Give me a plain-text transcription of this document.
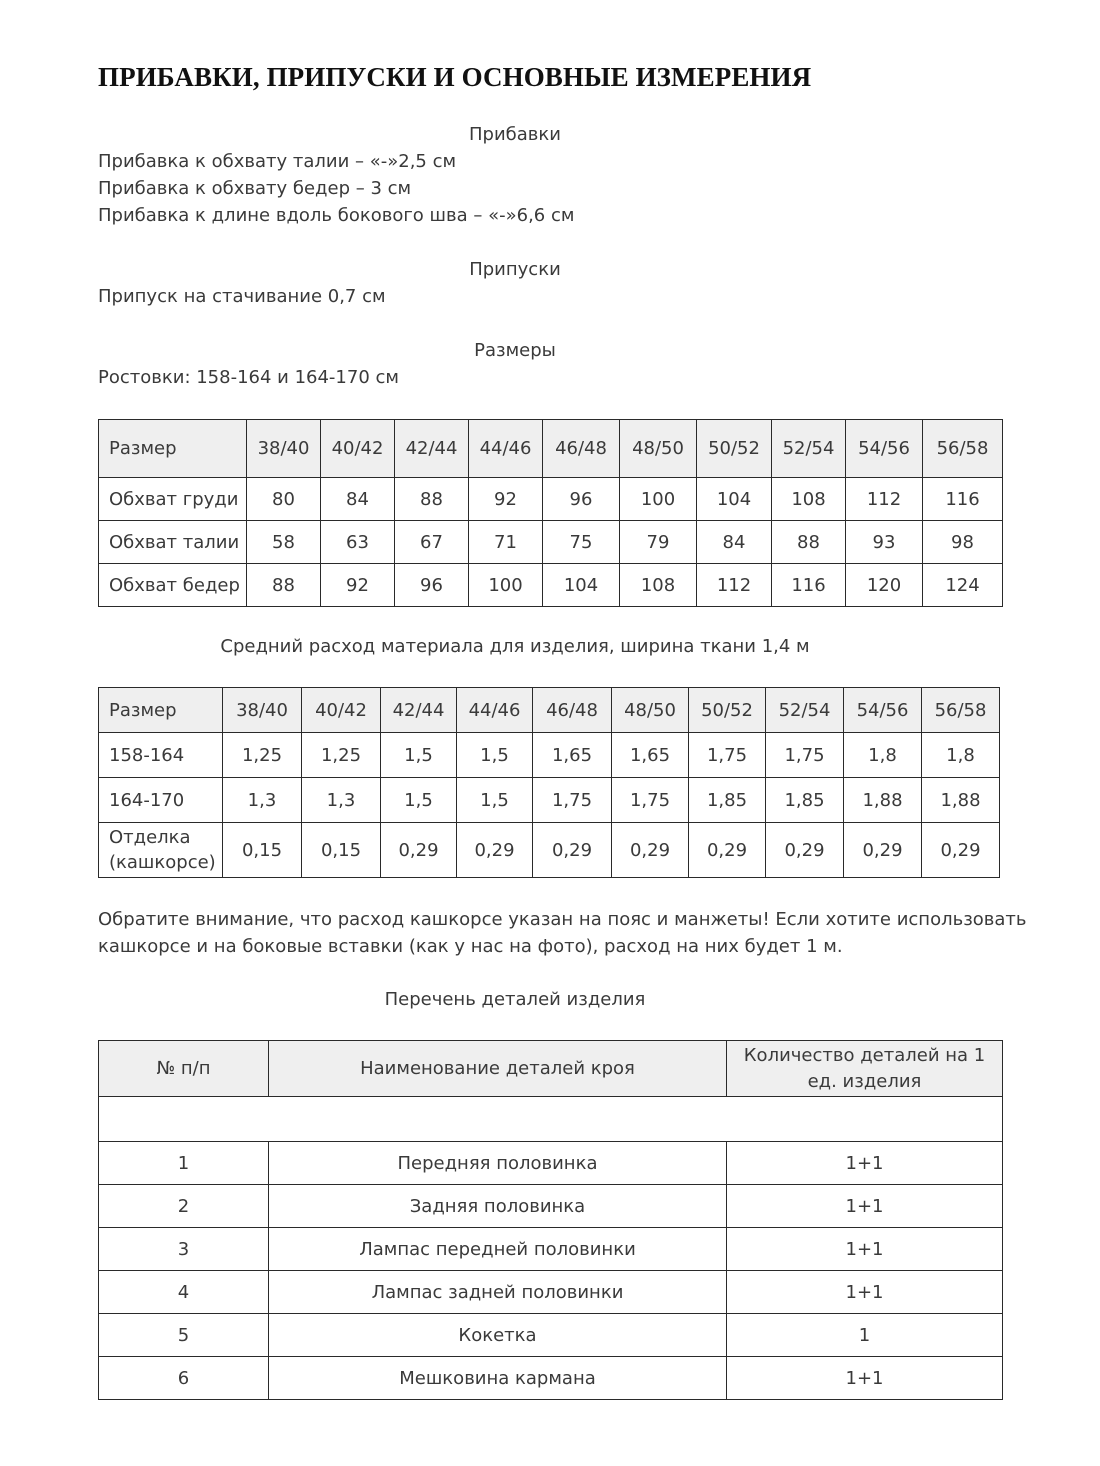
ПРИБАВКИ, ПРИПУСКИ И ОСНОВНЫЕ ИЗМЕРЕНИЯ
Прибавки
Прибавка к обхвату талии – «-»2,5 см
Прибавка к обхвату бедер – 3 см
Прибавка к длине вдоль бокового шва – «-»6,6 см
Припуски
Припуск на стачивание 0,7 см
Размеры
Ростовки: 158-164 и 164-170 см
Размер	38/40	40/42	42/44	44/46	46/48	48/50	50/52	52/54	54/56	56/58
Обхват груди	80	84	88	92	96	100	104	108	112	116
Обхват талии	58	63	67	71	75	79	84	88	93	98
Обхват бедер	88	92	96	100	104	108	112	116	120	124
Средний расход материала для изделия, ширина ткани 1,4 м
Размер	38/40	40/42	42/44	44/46	46/48	48/50	50/52	52/54	54/56	56/58
158-164	1,25	1,25	1,5	1,5	1,65	1,65	1,75	1,75	1,8	1,8
164-170	1,3	1,3	1,5	1,5	1,75	1,75	1,85	1,85	1,88	1,88
Отделка (кашкорсе)	0,15	0,15	0,29	0,29	0,29	0,29	0,29	0,29	0,29	0,29
Обратите внимание, что расход кашкорсе указан на пояс и манжеты! Если хотите использовать кашкорсе и на боковые вставки (как у нас на фото), расход на них будет 1 м.
Перечень деталей изделия
№ п/п	Наименование деталей кроя	Количество деталей на 1 ед. изделия

1	Передняя половинка	1+1
2	Задняя половинка	1+1
3	Лампас передней половинки	1+1
4	Лампас задней половинки	1+1
5	Кокетка	1
6	Мешковина кармана	1+1
